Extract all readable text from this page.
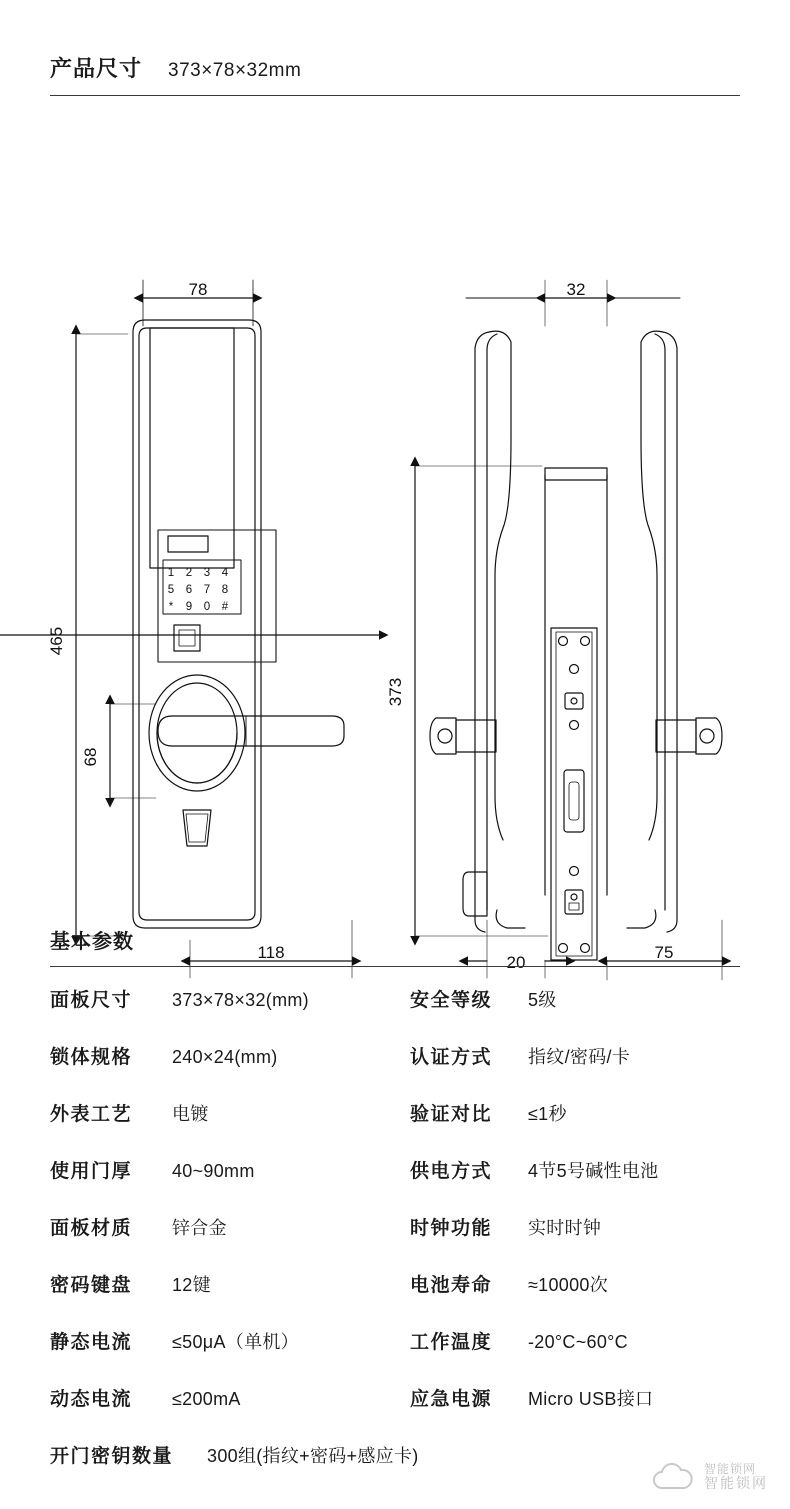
产品尺寸 373×78×32mm
78
465
68
118
32
373
20
75
1 2 3 4
5 6 7 8
* 9 0 #
基本参数
面板尺寸	373×78×32(mm)	安全等级	5级
锁体规格	240×24(mm)	认证方式	指纹/密码/卡
外表工艺	电镀	验证对比	≤1秒
使用门厚	40~90mm	供电方式	4节5号碱性电池
面板材质	锌合金	时钟功能	实时时钟
密码键盘	12键	电池寿命	≈10000次
静态电流	≤50μA（单机）	工作温度	-20°C~60°C
动态电流	≤200mA	应急电源	Micro USB接口
开门密钥数量 300组(指纹+密码+感应卡)
智能锁网
智能锁网
